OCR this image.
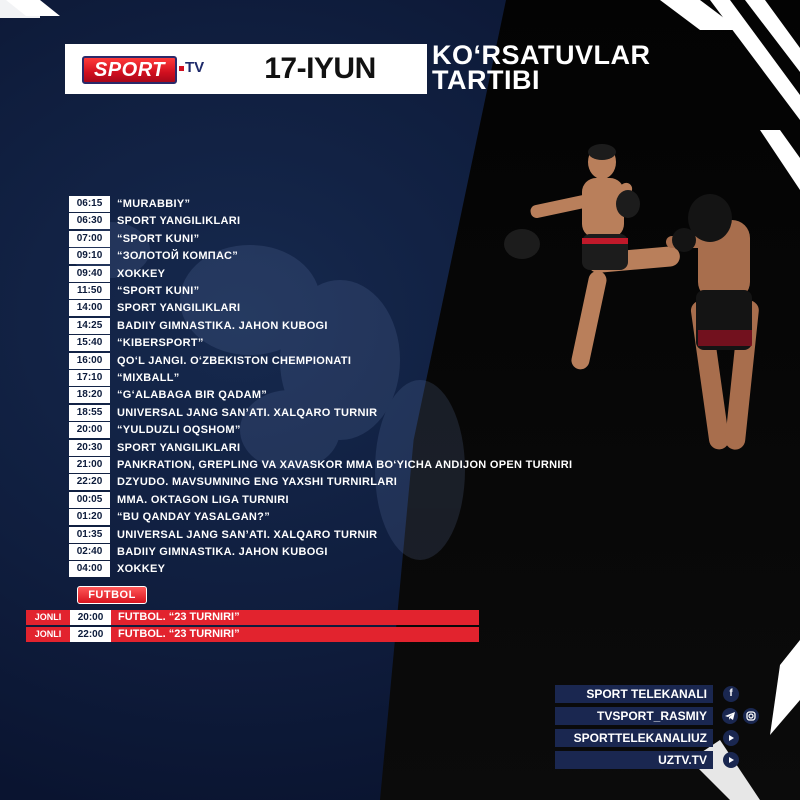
SPORT	TV	17-IYUN	KO‘RSATUVLAR
TARTIBI
06:15	“MURABBIY”
06:30	SPORT YANGILIKLARI
07:00	“SPORT KUNI”
09:10	“ЗОЛОТОЙ КОМПАС”
09:40	XOKKEY
11:50	“SPORT KUNI”
14:00	SPORT YANGILIKLARI
14:25	BADIIY GIMNASTIKA. JAHON KUBOGI
15:40	“KIBERSPORT”
16:00	QO‘L JANGI. O‘ZBEKISTON CHEMPIONATI
17:10	“MIXBALL”
18:20	“G‘ALABAGA BIR QADAM”
18:55	UNIVERSAL JANG SAN’ATI. XALQARO TURNIR
20:00	“YULDUZLI OQSHOM”
20:30	SPORT YANGILIKLARI
21:00	PANKRATION, GREPLING VA XAVASKOR MMA BO‘YICHA ANDIJON OPEN TURNIRI
22:20	DZYUDO. MAVSUMNING ENG YAXSHI TURNIRLARI
00:05	MMA. OKTAGON LIGA TURNIRI
01:20	“BU QANDAY YASALGAN?”
01:35	UNIVERSAL JANG SAN’ATI. XALQARO TURNIR
02:40	BADIIY GIMNASTIKA. JAHON KUBOGI
04:00	XOKKEY
FUTBOL
JONLI	20:00	FUTBOL. “23 TURNIRI”
JONLI	22:00	FUTBOL. “23 TURNIRI”
SPORT TELEKANALI	f
TVSPORT_RASMIY
SPORTTELEKANALIUZ
UZTV.TV
